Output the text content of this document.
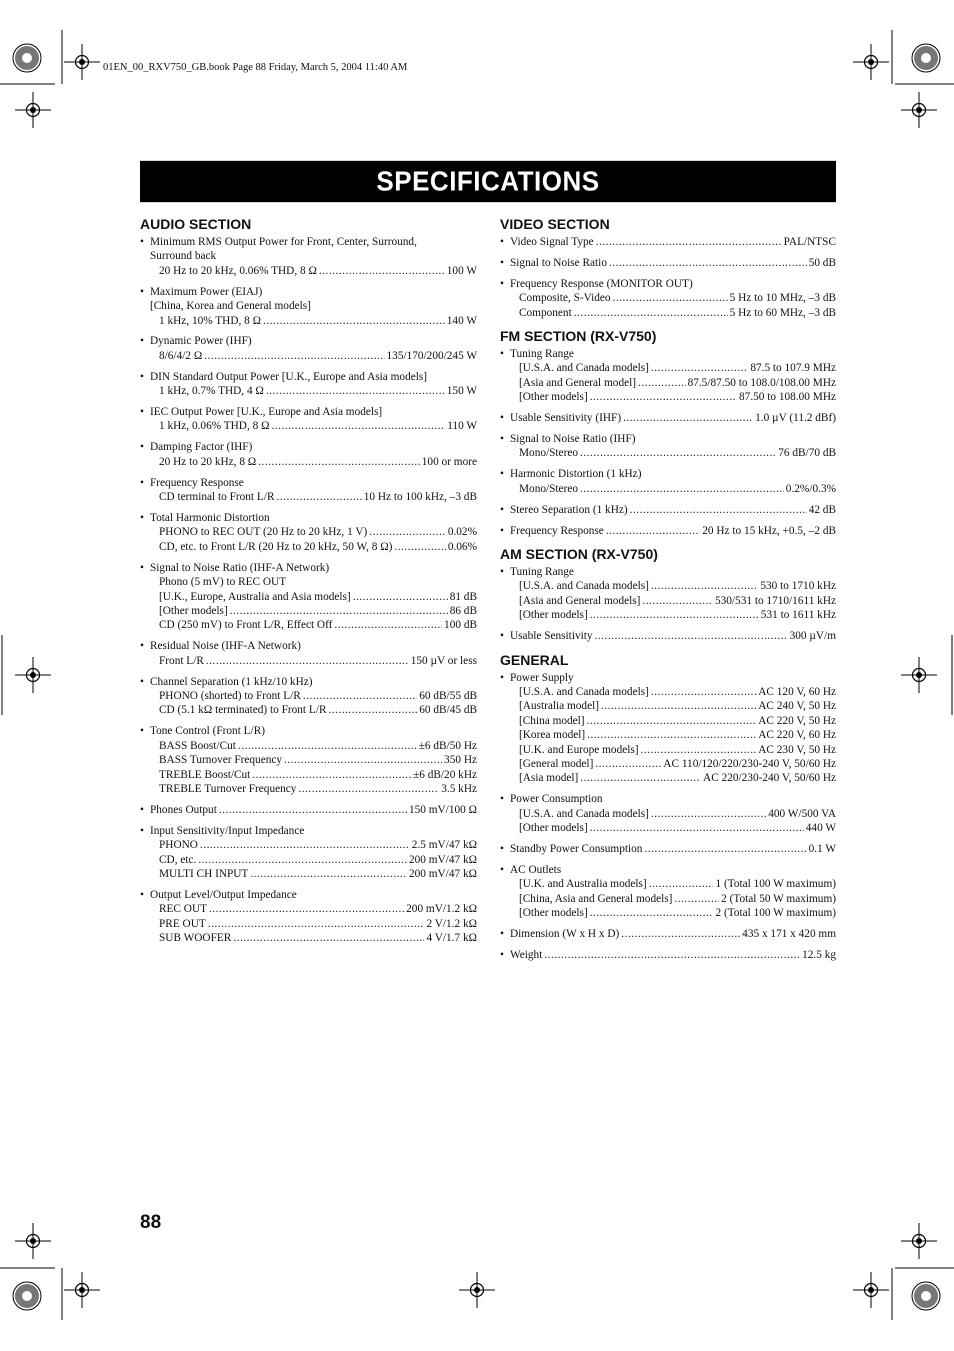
01EN_00_RXV750_GB.book Page 88 Friday, March 5, 2004 11:40 AM
SPECIFICATIONS
AUDIO SECTION
• Minimum RMS Output Power for Front, Center, Surround,
Surround back
20 Hz to 20 kHz, 0.06% THD, 8 Ω .....	100 W
• Maximum Power (EIAJ)
[China, Korea and General models]
1 kHz, 10% THD, 8 Ω .....	140 W
• Dynamic Power (IHF)
8/6/4/2 Ω .....	135/170/200/245 W
• DIN Standard Output Power [U.K., Europe and Asia models]
1 kHz, 0.7% THD, 4 Ω .....	150 W
• IEC Output Power [U.K., Europe and Asia models]
1 kHz, 0.06% THD, 8 Ω .....	110 W
• Damping Factor (IHF)
20 Hz to 20 kHz, 8 Ω .....	100 or more
• Frequency Response
CD terminal to Front L/R .....	10 Hz to 100 kHz, –3 dB
• Total Harmonic Distortion
PHONO to REC OUT (20 Hz to 20 kHz, 1 V) .....	0.02%
CD, etc. to Front L/R (20 Hz to 20 kHz, 50 W, 8 Ω) .....	0.06%
• Signal to Noise Ratio (IHF-A Network)
Phono (5 mV) to REC OUT
[U.K., Europe, Australia and Asia models] .....	81 dB
[Other models] .....	86 dB
CD (250 mV) to Front L/R, Effect Off .....	100 dB
• Residual Noise (IHF-A Network)
Front L/R .....	150 µV or less
• Channel Separation (1 kHz/10 kHz)
PHONO (shorted) to Front L/R .....	60 dB/55 dB
CD (5.1 kΩ terminated) to Front L/R .....	60 dB/45 dB
• Tone Control (Front L/R)
BASS Boost/Cut .....	±6 dB/50 Hz
BASS Turnover Frequency .....	350 Hz
TREBLE Boost/Cut .....	±6 dB/20 kHz
TREBLE Turnover Frequency .....	3.5 kHz
• Phones Output .....	150 mV/100 Ω
• Input Sensitivity/Input Impedance
PHONO .....	2.5 mV/47 kΩ
CD, etc. .....	200 mV/47 kΩ
MULTI CH INPUT .....	200 mV/47 kΩ
• Output Level/Output Impedance
REC OUT .....	200 mV/1.2 kΩ
PRE OUT .....	2 V/1.2 kΩ
SUB WOOFER .....	4 V/1.7 kΩ
VIDEO SECTION
• Video Signal Type .....	PAL/NTSC
• Signal to Noise Ratio .....	50 dB
• Frequency Response (MONITOR OUT)
Composite, S-Video .....	5 Hz to 10 MHz, –3 dB
Component .....	5 Hz to 60 MHz, –3 dB
FM SECTION (RX-V750)
• Tuning Range
[U.S.A. and Canada models] .....	87.5 to 107.9 MHz
[Asia and General model] .....	87.5/87.50 to 108.0/108.00 MHz
[Other models] .....	87.50 to 108.00 MHz
• Usable Sensitivity (IHF) .....	1.0 µV (11.2 dBf)
• Signal to Noise Ratio (IHF)
Mono/Stereo .....	76 dB/70 dB
• Harmonic Distortion (1 kHz)
Mono/Stereo .....	0.2%/0.3%
• Stereo Separation (1 kHz) .....	42 dB
• Frequency Response .....	20 Hz to 15 kHz, +0.5, –2 dB
AM SECTION (RX-V750)
• Tuning Range
[U.S.A. and Canada models] .....	530 to 1710 kHz
[Asia and General models] .....	530/531 to 1710/1611 kHz
[Other models] .....	531 to 1611 kHz
• Usable Sensitivity .....	300 µV/m
GENERAL
• Power Supply
[U.S.A. and Canada models] .....	AC 120 V, 60 Hz
[Australia model] .....	AC 240 V, 50 Hz
[China model] .....	AC 220 V, 50 Hz
[Korea model] .....	AC 220 V, 60 Hz
[U.K. and Europe models] .....	AC 230 V, 50 Hz
[General model] .....	AC 110/120/220/230-240 V, 50/60 Hz
[Asia model] .....	AC 220/230-240 V, 50/60 Hz
• Power Consumption
[U.S.A. and Canada models] .....	400 W/500 VA
[Other models] .....	440 W
• Standby Power Consumption .....	0.1 W
• AC Outlets
[U.K. and Australia models] .....	1 (Total 100 W maximum)
[China, Asia and General models] .....	2 (Total 50 W maximum)
[Other models] .....	2 (Total 100 W maximum)
• Dimension (W x H x D) .....	435 x 171 x 420 mm
• Weight .....	12.5 kg
88
